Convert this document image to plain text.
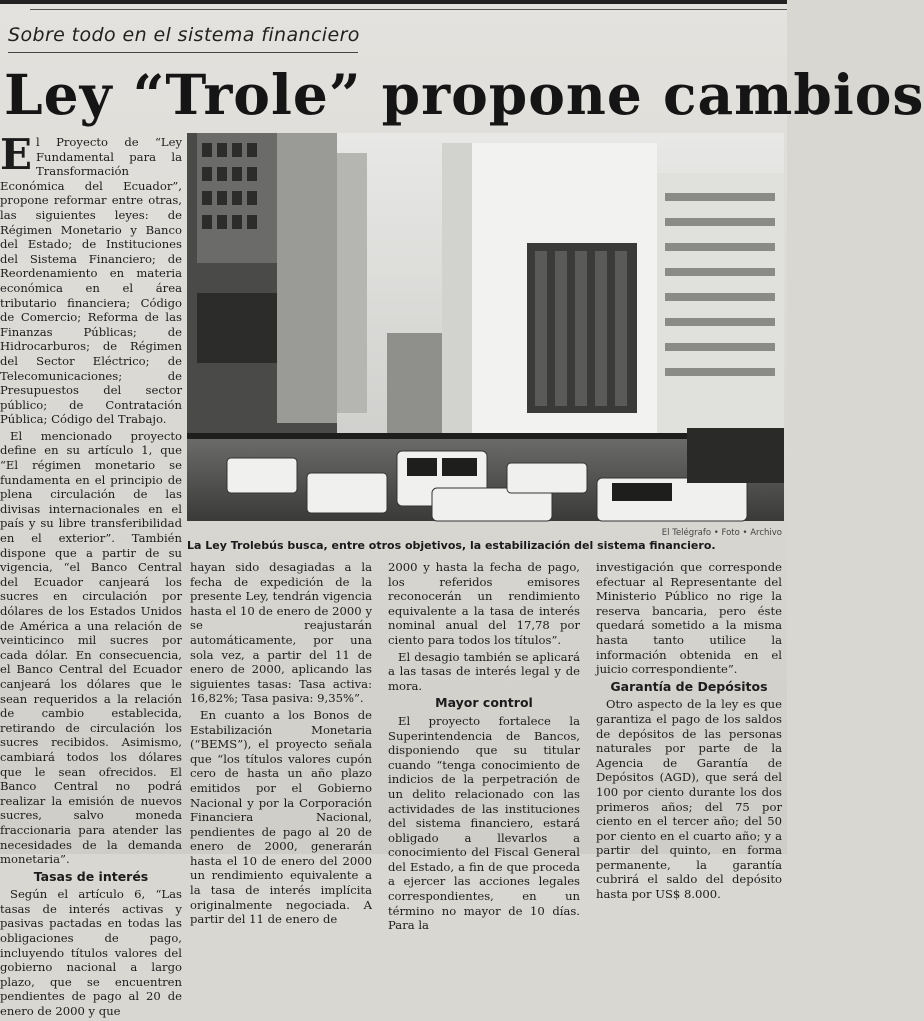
Sobre todo en el sistema financiero
Ley “Trole” propone cambios

El Proyecto de “Ley Fundamental para la Transformación Económica del Ecuador”, propone reformar entre otras, las siguientes leyes: de Régimen Monetario y Banco del Estado; de Instituciones del Sistema Financiero; de Reordenamiento en materia económica en el área tributario financiera; Código de Comercio; Reforma de las Finanzas Públicas; de Hidrocarburos; de Régimen del Sector Eléctrico; de Telecomunicaciones; de Presupuestos del sector público; de Contratación Pública; Código del Trabajo.

El mencionado proyecto define en su artículo 1, que “El régimen monetario se fundamenta en el principio de plena circulación de las divisas internacionales en el país y su libre transferibilidad en el exterior”. También dispone que a partir de su vigencia, “el Banco Central del Ecuador canjeará los sucres en circulación por dólares de los Estados Unidos de América a una relación de veinticinco mil sucres por cada dólar. En consecuencia, el Banco Central del Ecuador canjeará los dólares que le sean requeridos a la relación de cambio establecida, retirando de circulación los sucres recibidos. Asimismo, cambiará todos los dólares que le sean ofrecidos. El Banco Central no podrá realizar la emisión de nuevos sucres, salvo moneda fraccionaria para atender las necesidades de la demanda monetaria”.

Tasas de interés

Según el artículo 6, “Las tasas de interés activas y pasivas pactadas en todas las obligaciones de pago, incluyendo títulos valores del gobierno nacional a largo plazo, que se encuentren pendientes de pago al 20 de enero de 2000 y que

El Telégrafo • Foto • Archivo
La Ley Trolebús busca, entre otros objetivos, la estabilización del sistema financiero.

hayan sido desagiadas a la fecha de expedición de la presente Ley, tendrán vigencia hasta el 10 de enero de 2000 y se reajustarán automáticamente, por una sola vez, a partir del 11 de enero de 2000, aplicando las siguientes tasas: Tasa activa: 16,82%; Tasa pasiva: 9,35%”.

En cuanto a los Bonos de Estabilización Monetaria (“BEMS”), el proyecto señala que “los títulos valores cupón cero de hasta un año plazo emitidos por el Gobierno Nacional y por la Corporación Financiera Nacional, pendientes de pago al 20 de enero de 2000, generarán hasta el 10 de enero del 2000 un rendimiento equivalente a la tasa de interés implícita originalmente negociada. A partir del 11 de enero de

2000 y hasta la fecha de pago, los referidos emisores reconocerán un rendimiento equivalente a la tasa de interés nominal anual del 17,78 por ciento para todos los títulos”.

El desagio también se aplicará a las tasas de interés legal y de mora.

Mayor control

El proyecto fortalece la Superintendencia de Bancos, disponiendo que su titular cuando “tenga conocimiento de indicios de la perpetración de un delito relacionado con las actividades de las instituciones del sistema financiero, estará obligado a llevarlos a conocimiento del Fiscal General del Estado, a fin de que proceda a ejercer las acciones legales correspondientes, en un término no mayor de 10 días. Para la

investigación que corresponde efectuar al Representante del Ministerio Público no rige la reserva bancaria, pero éste quedará sometido a la misma hasta tanto utilice la información obtenida en el juicio correspondiente”.

Garantía de Depósitos

Otro aspecto de la ley es que garantiza el pago de los saldos de depósitos de las personas naturales por parte de la Agencia de Garantía de Depósitos (AGD), que será del 100 por ciento durante los dos primeros años; del 75 por ciento en el tercer año; del 50 por ciento en el cuarto año; y a partir del quinto, en forma permanente, la garantía cubrirá el saldo del depósito hasta por US$ 8.000.
